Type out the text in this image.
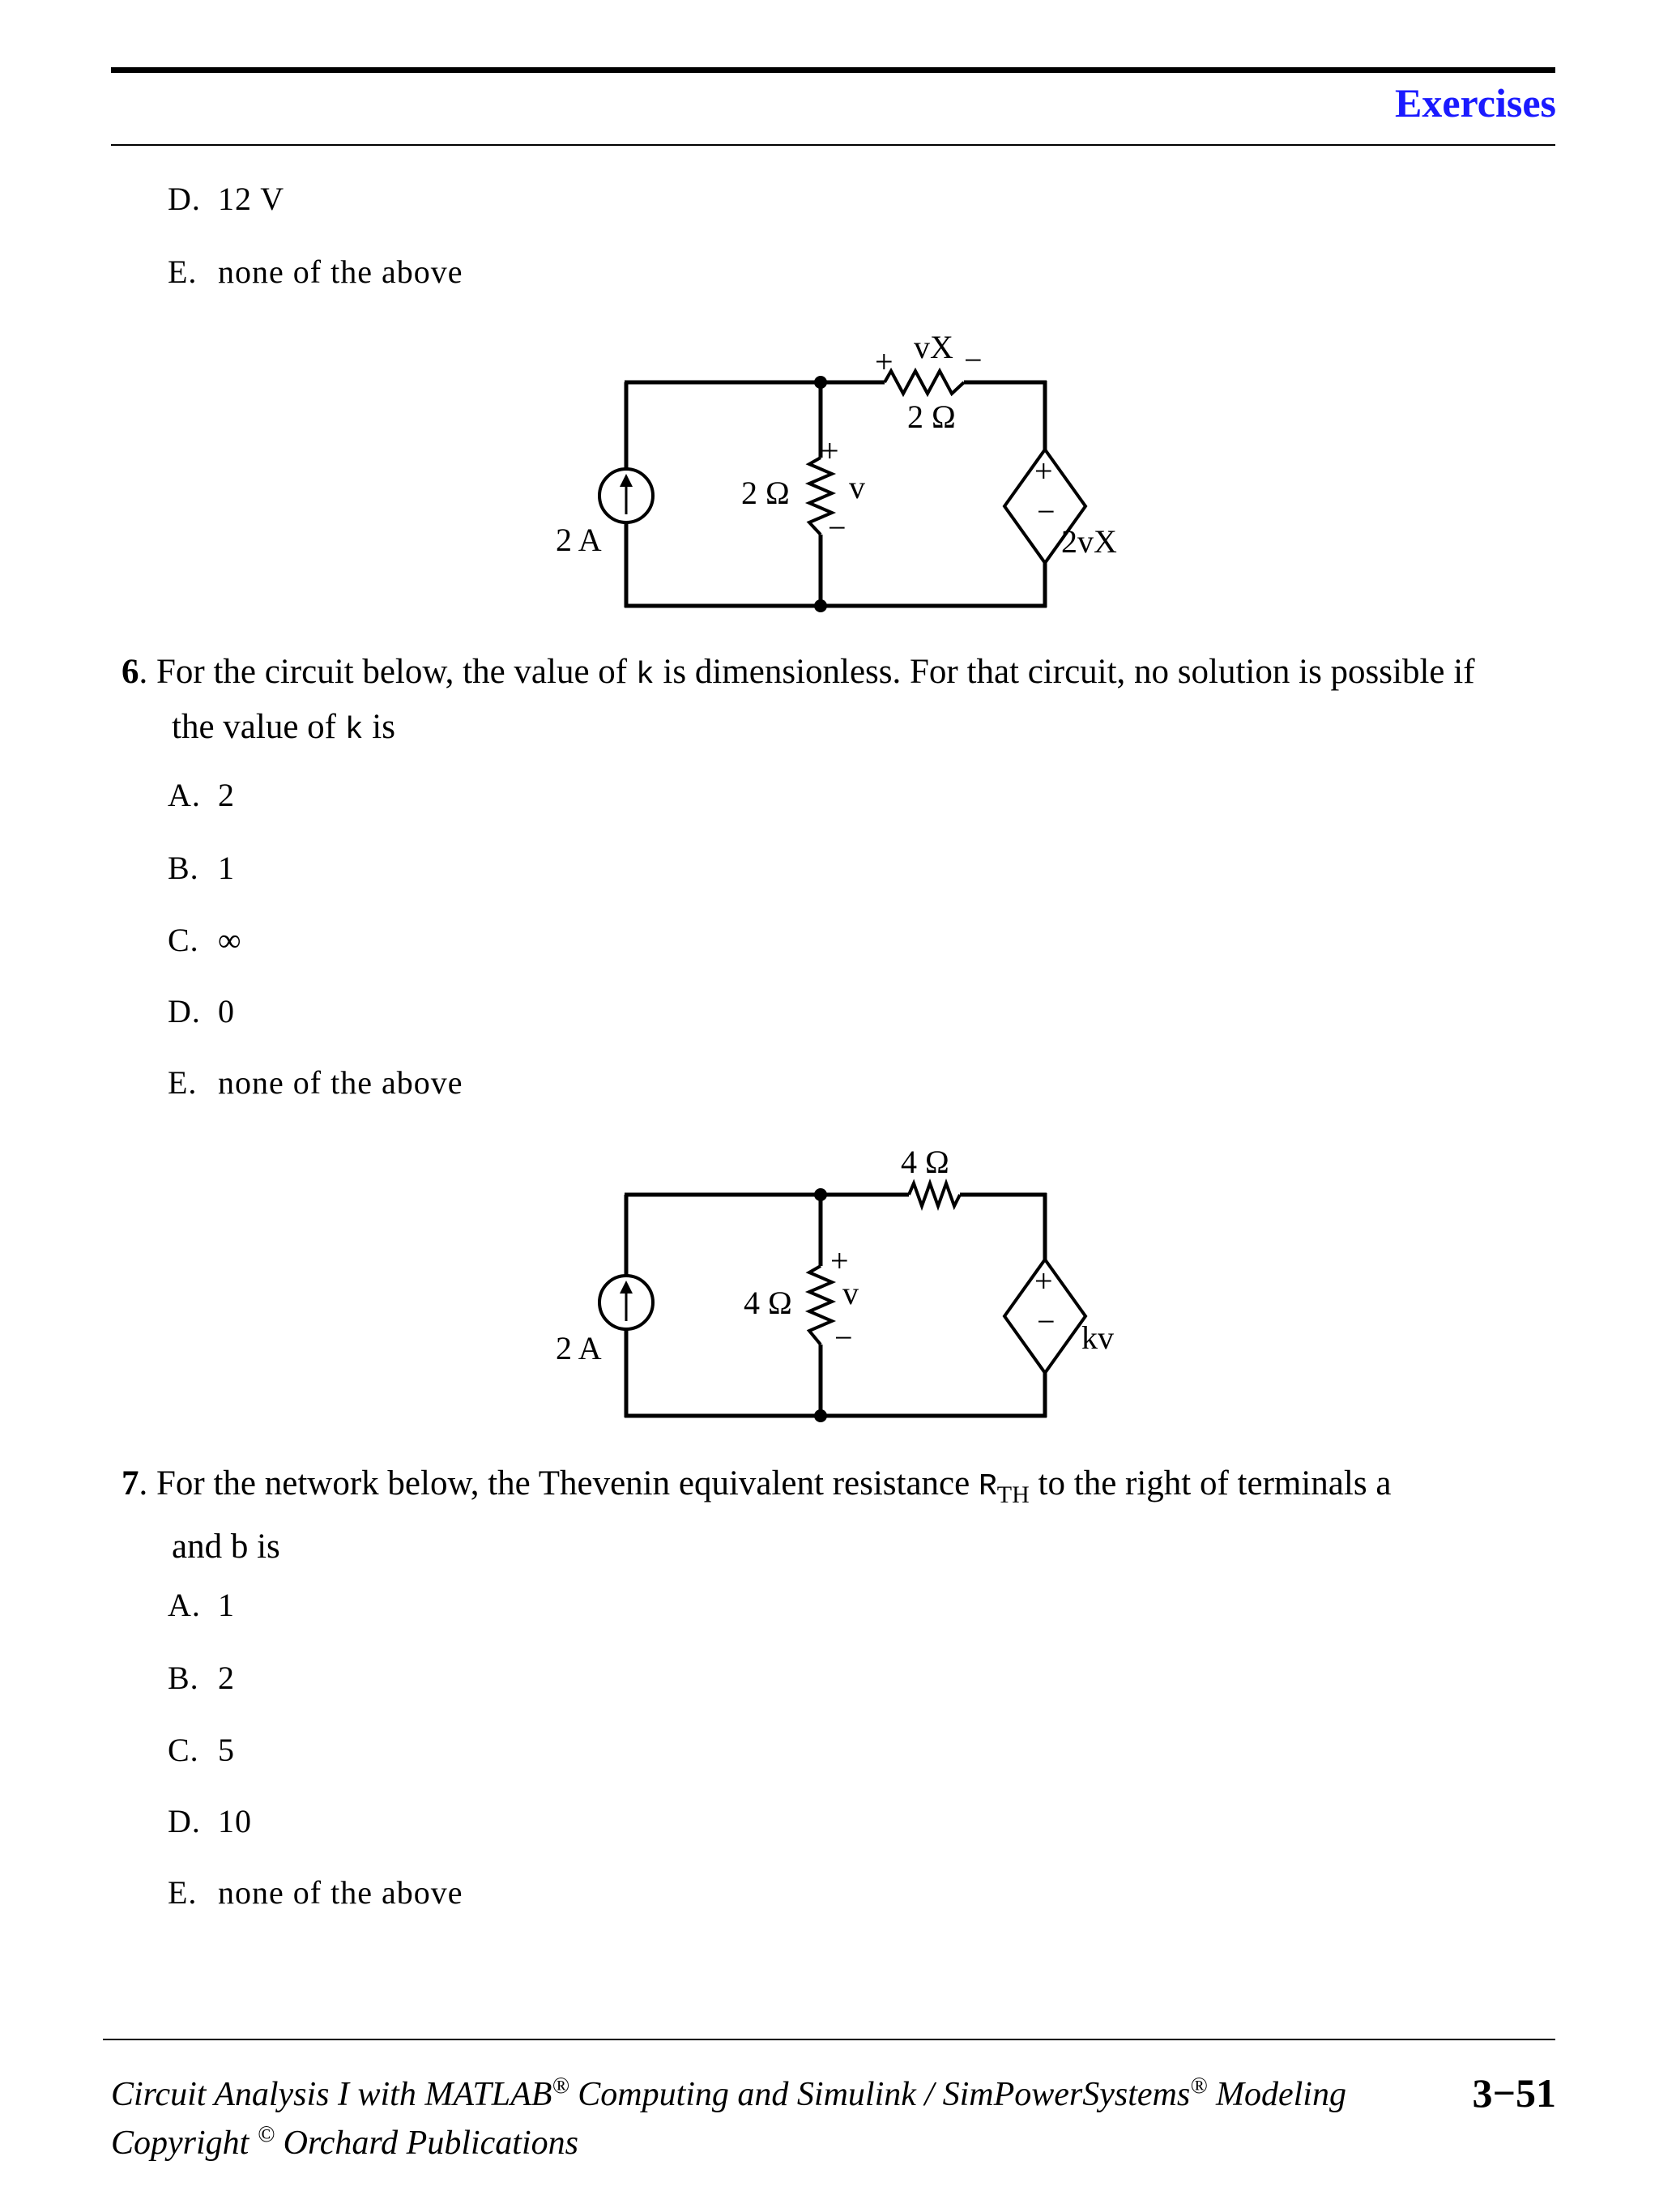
Exercises
D. 12 V
E. none of the above
+ vX −
2 Ω
+
v
−
2 Ω
2 A
+
−
2vX
6. For the circuit below, the value of k is dimensionless. For that circuit, no solution is possible if
the value of k is
A. 2
B. 1
C. ∞
D. 0
E. none of the above
4 Ω
+
v
−
4 Ω
2 A
+
− kv
7. For the network below, the Thevenin equivalent resistance $R_{TH}$ to the right of terminals a
and b is
A. 1
B. 2
C. 5
D. 10
E. none of the above
Circuit Analysis I with MATLAB® Computing and Simulink / SimPowerSystems® Modeling
Copyright © Orchard Publications
3−51
